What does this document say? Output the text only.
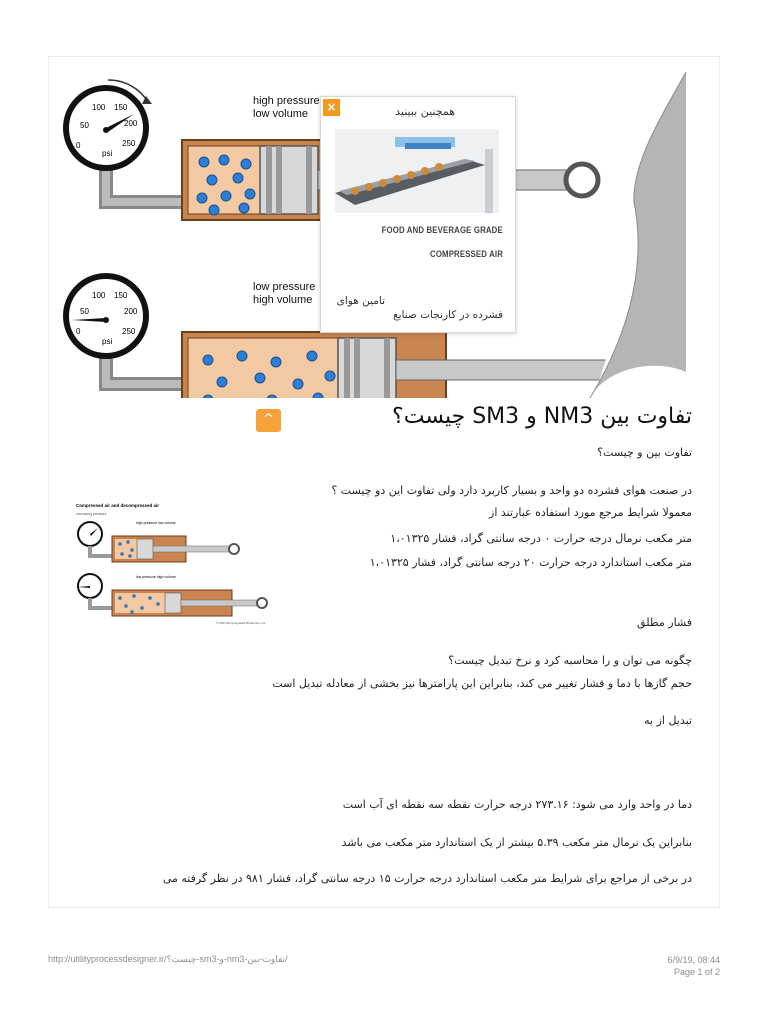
50
100 150
200
250
0
psi
high pressure
low volume
50
100 150
200
250
0
psi
low pressure
high volume
×	همچنین ببینید
FOOD AND BEVERAGE GRADE
COMPRESSED AIR
تامین هوای
فشرده در کارنجات صنایع
^	تفاوت بین NM3 و SM3 چیست؟
تفاوت بین و چیست؟
در صنعت هوای فشرده دو واحد و بسیار کاربرد دارد ولی تفاوت این دو چیست ؟
معمولا شرایط مرجع مورد استفاده عبارتند از
متر مکعب نرمال درجه حرارت ۰ درجه سانتی گراد، فشار ۱،۰۱۳۲۵
متر مکعب استاندارد درجه حرارت ۲۰ درجه سانتی گراد، فشار ۱،۰۱۳۲۵
فشار مطلق
چگونه می توان و را محاسبه کرد و نرخ تبدیل چیست؟
حجم گازها با دما و فشار تغییر می کند، بنابراین این پارامترها نیز بخشی از معادله تبدیل است
تبدیل از به
دما در واحد وارد می شود: ۲۷۳.۱۶ درجه حرارت نقطه سه نقطه ای آب است
بنابراین یک نرمال متر مکعب ۵.۳۹ بیشتر از یک استاندارد متر مکعب می باشد
در برخی از مراجع برای شرایط متر مکعب استاندارد درجه حرارت ۱۵ درجه سانتی گراد، فشار ۹۸۱ در نظر گرفته می
Compressed air and decompressed air
increasing pressure
high pressure low volume
low pressure high volume
© 2007 Encyclopædia Britannica, Inc.
http://utilityprocessdesigner.ir/چیست؟-sm3-و-nm3-تفاوت-بین/	6/9/19, 08:44
Page 1 of 2
